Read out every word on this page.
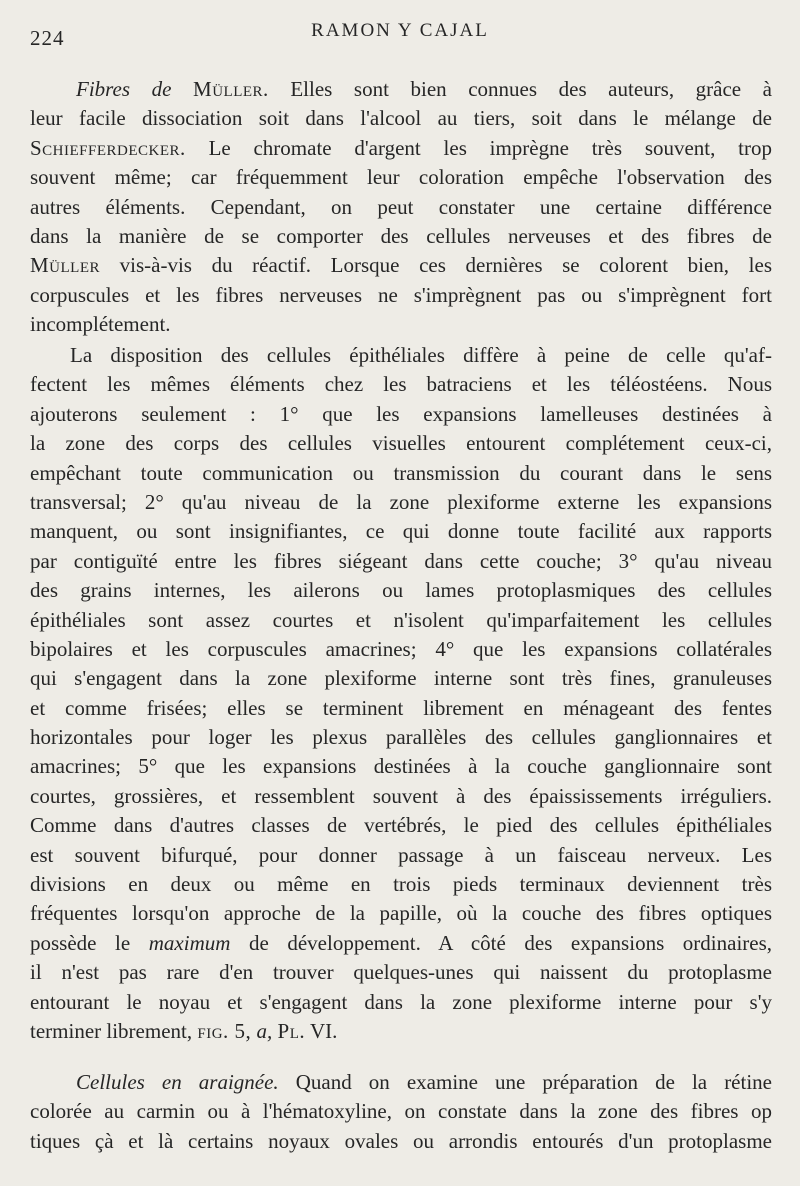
224	RAMON Y CAJAL
Fibres de Müller. Elles sont bien connues des auteurs, grâce à
leur facile dissociation soit dans l'alcool au tiers, soit dans le mélange de
Schiefferdecker. Le chromate d'argent les imprègne très souvent, trop
souvent même; car fréquemment leur coloration empêche l'observation des
autres éléments. Cependant, on peut constater une certaine différence
dans la manière de se comporter des cellules nerveuses et des fibres de
Müller vis-à-vis du réactif. Lorsque ces dernières se colorent bien, les
corpuscules et les fibres nerveuses ne s'imprègnent pas ou s'imprègnent fort
incomplétement.
La disposition des cellules épithéliales diffère à peine de celle qu'af-
fectent les mêmes éléments chez les batraciens et les téléostéens. Nous
ajouterons seulement : 1° que les expansions lamelleuses destinées à
la zone des corps des cellules visuelles entourent complétement ceux-ci,
empêchant toute communication ou transmission du courant dans le sens
transversal; 2° qu'au niveau de la zone plexiforme externe les expansions
manquent, ou sont insignifiantes, ce qui donne toute facilité aux rapports
par contiguïté entre les fibres siégeant dans cette couche; 3° qu'au niveau
des grains internes, les ailerons ou lames protoplasmiques des cellules
épithéliales sont assez courtes et n'isolent qu'imparfaitement les cellules
bipolaires et les corpuscules amacrines; 4° que les expansions collatérales
qui s'engagent dans la zone plexiforme interne sont très fines, granuleuses
et comme frisées; elles se terminent librement en ménageant des fentes
horizontales pour loger les plexus parallèles des cellules ganglionnaires et
amacrines; 5° que les expansions destinées à la couche ganglionnaire sont
courtes, grossières, et ressemblent souvent à des épaississements irréguliers.
Comme dans d'autres classes de vertébrés, le pied des cellules épithéliales
est souvent bifurqué, pour donner passage à un faisceau nerveux. Les
divisions en deux ou même en trois pieds terminaux deviennent très
fréquentes lorsqu'on approche de la papille, où la couche des fibres optiques
possède le maximum de développement. A côté des expansions ordinaires,
il n'est pas rare d'en trouver quelques-unes qui naissent du protoplasme
entourant le noyau et s'engagent dans la zone plexiforme interne pour s'y
terminer librement, fig. 5, a, Pl. VI.
Cellules en araignée. Quand on examine une préparation de la rétine
colorée au carmin ou à l'hématoxyline, on constate dans la zone des fibres op
tiques çà et là certains noyaux ovales ou arrondis entourés d'un protoplasme
